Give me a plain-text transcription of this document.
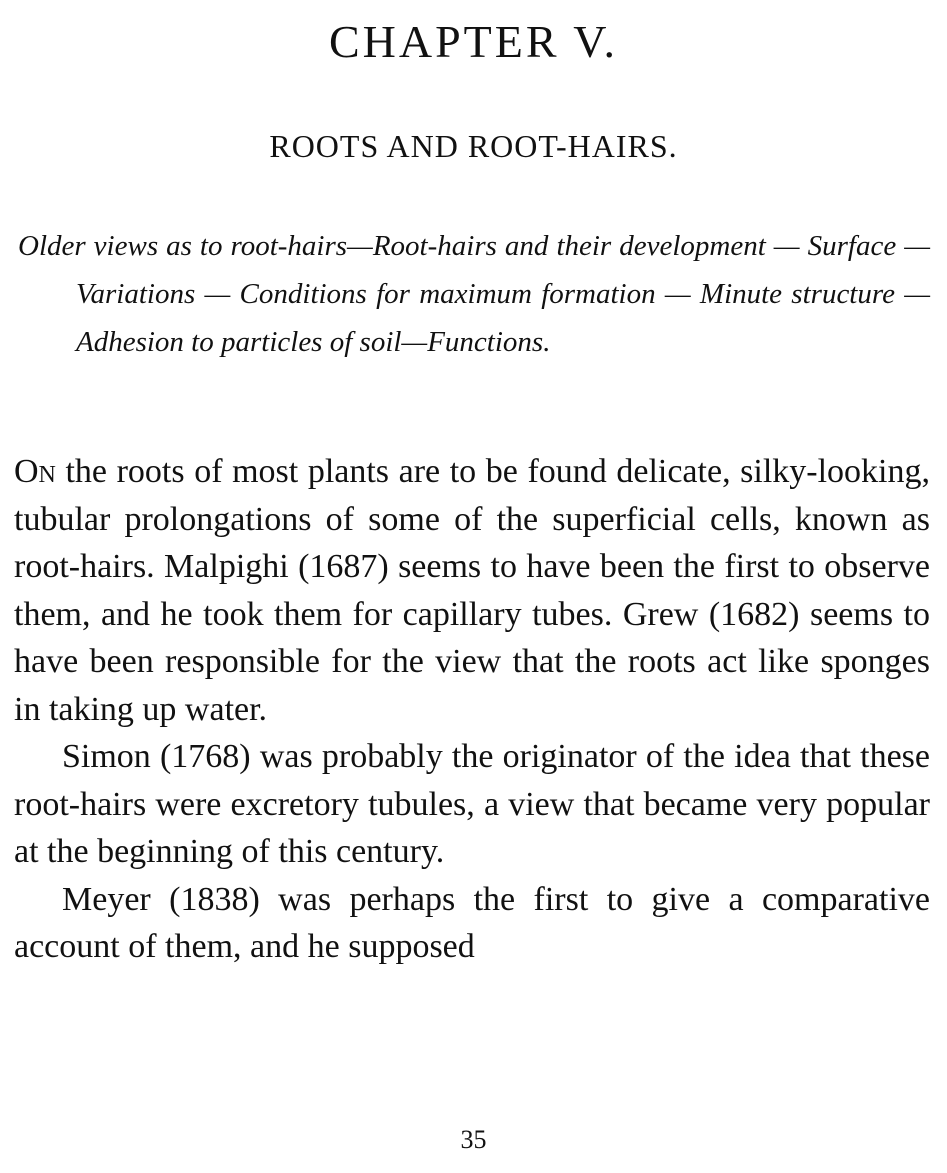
CHAPTER V.
ROOTS AND ROOT-HAIRS.
Older views as to root-hairs—Root-hairs and their development — Surface — Variations — Conditions for maximum formation — Minute structure — Adhesion to particles of soil—Functions.

On the roots of most plants are to be found delicate, silky-looking, tubular prolongations of some of the superficial cells, known as root-hairs. Malpighi (1687) seems to have been the first to observe them, and he took them for capillary tubes. Grew (1682) seems to have been responsible for the view that the roots act like sponges in taking up water.

Simon (1768) was probably the originator of the idea that these root-hairs were excretory tubules, a view that became very popular at the beginning of this century.

Meyer (1838) was perhaps the first to give a comparative account of them, and he supposed

35
